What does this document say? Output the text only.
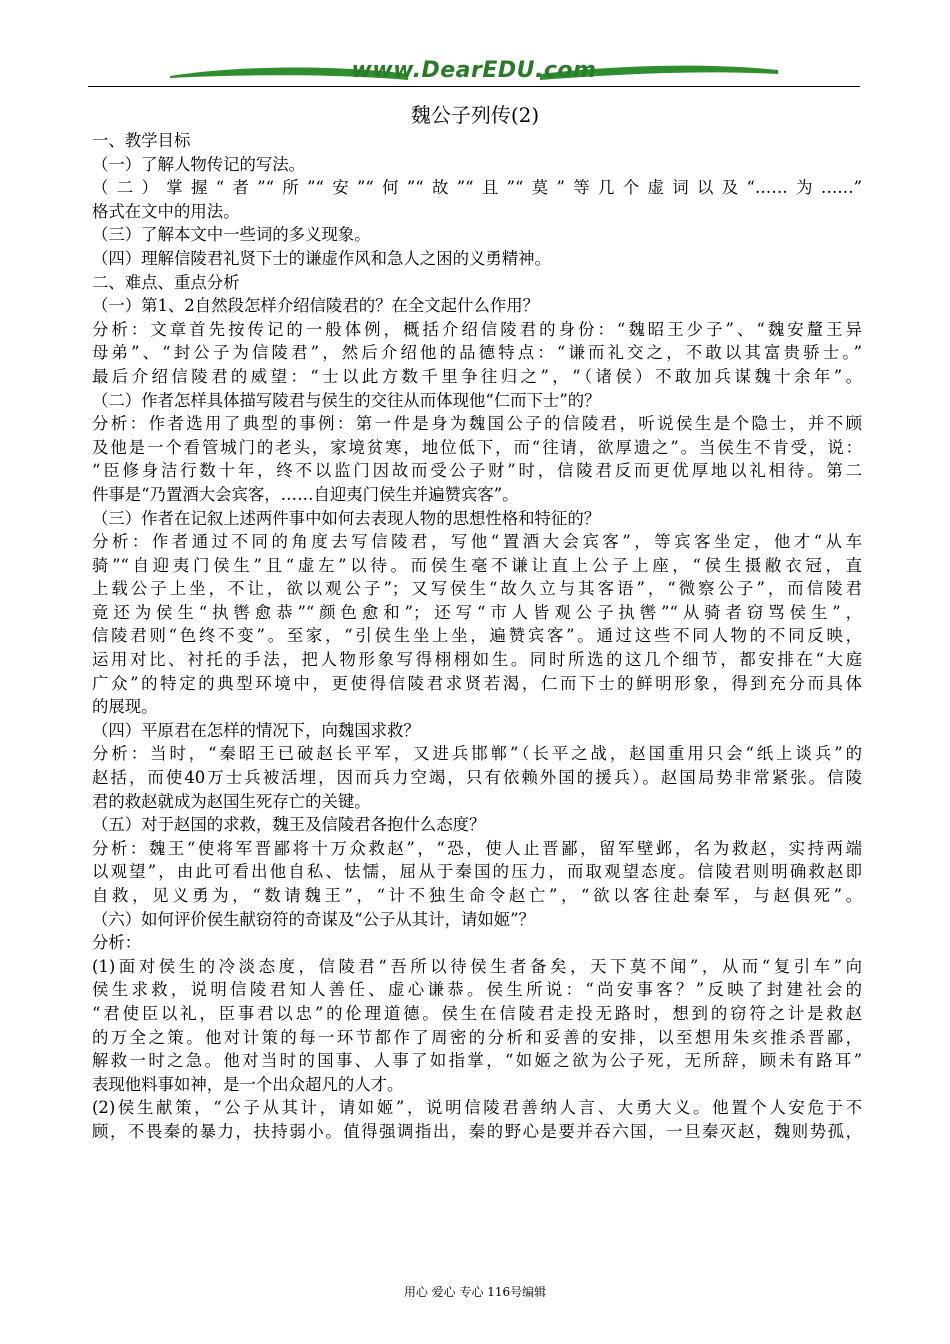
www.DearEDU.com
魏公子列传(2)
一、教学目标
（一）了解人物传记的写法。
（二）掌握“者”“所”“安”“何”“故”“且”“莫”等几个虚词以及“……为……”
格式在文中的用法。
（三）了解本文中一些词的多义现象。
（四）理解信陵君礼贤下士的谦虚作风和急人之困的义勇精神。
二、难点、重点分析
（一）第1、2自然段怎样介绍信陵君的？在全文起什么作用？
分析：文章首先按传记的一般体例，概括介绍信陵君的身份：“魏昭王少子”、“魏安釐王异
母弟”、“封公子为信陵君”，然后介绍他的品德特点：“谦而礼交之，不敢以其富贵骄士。”
最后介绍信陵君的威望：“士以此方数千里争往归之”，“（诸侯）不敢加兵谋魏十余年”。
（二）作者怎样具体描写陵君与侯生的交往从而体现他“仁而下士”的？
分析：作者选用了典型的事例：第一件是身为魏国公子的信陵君，听说侯生是个隐士，并不顾
及他是一个看管城门的老头，家境贫寒，地位低下，而“往请，欲厚遗之”。当侯生不肯受，说：
“臣修身洁行数十年，终不以监门因故而受公子财”时，信陵君反而更优厚地以礼相待。第二
件事是“乃置酒大会宾客，……自迎夷门侯生并遍赞宾客”。
（三）作者在记叙上述两件事中如何去表现人物的思想性格和特征的？
分析：作者通过不同的角度去写信陵君，写他“置酒大会宾客”，等宾客坐定，他才“从车
骑”“自迎夷门侯生”且“虚左”以待。而侯生毫不谦让直上公子上座，“侯生摄敝衣冠，直
上载公子上坐，不让，欲以观公子”；又写侯生“故久立与其客语”，“微察公子”，而信陵君
竟还为侯生“执辔愈恭”“颜色愈和”；还写“市人皆观公子执辔”“从骑者窃骂侯生”，
信陵君则“色终不变”。至家，“引侯生坐上坐，遍赞宾客”。通过这些不同人物的不同反映，
运用对比、衬托的手法，把人物形象写得栩栩如生。同时所选的这几个细节，都安排在“大庭
广众”的特定的典型环境中，更使得信陵君求贤若渴，仁而下士的鲜明形象，得到充分而具体
的展现。
（四）平原君在怎样的情况下，向魏国求救？
分析：当时，“秦昭王已破赵长平军，又进兵邯郸”（长平之战，赵国重用只会“纸上谈兵”的
赵括，而使40万士兵被活埋，因而兵力空竭，只有依赖外国的援兵）。赵国局势非常紧张。信陵
君的救赵就成为赵国生死存亡的关键。
（五）对于赵国的求救，魏王及信陵君各抱什么态度？
分析：魏王“使将军晋鄙将十万众救赵”，“恐，使人止晋鄙，留军壁邺，名为救赵，实持两端
以观望”，由此可看出他自私、怯懦，屈从于秦国的压力，而取观望态度。信陵君则明确救赵即
自救，见义勇为，“数请魏王”，“计不独生命令赵亡”，“欲以客往赴秦军，与赵俱死”。
（六）如何评价侯生献窃符的奇谋及“公子从其计，请如姬”？
分析：
(1)面对侯生的冷淡态度，信陵君“吾所以待侯生者备矣，天下莫不闻”，从而“复引车”向
侯生求救，说明信陵君知人善任、虚心谦恭。侯生所说：“尚安事客？”反映了封建社会的
“君使臣以礼，臣事君以忠”的伦理道德。侯生在信陵君走投无路时，想到的窃符之计是救赵
的万全之策。他对计策的每一环节都作了周密的分析和妥善的安排，以至想用朱亥推杀晋鄙，
解救一时之急。他对当时的国事、人事了如指掌，“如姬之欲为公子死，无所辞，顾未有路耳”
表现他料事如神，是一个出众超凡的人才。
(2)侯生献策，“公子从其计，请如姬”，说明信陵君善纳人言、大勇大义。他置个人安危于不
顾，不畏秦的暴力，扶持弱小。值得强调指出，秦的野心是要并吞六国，一旦秦灭赵，魏则势孤，
用心 爱心 专心 116号编辑
